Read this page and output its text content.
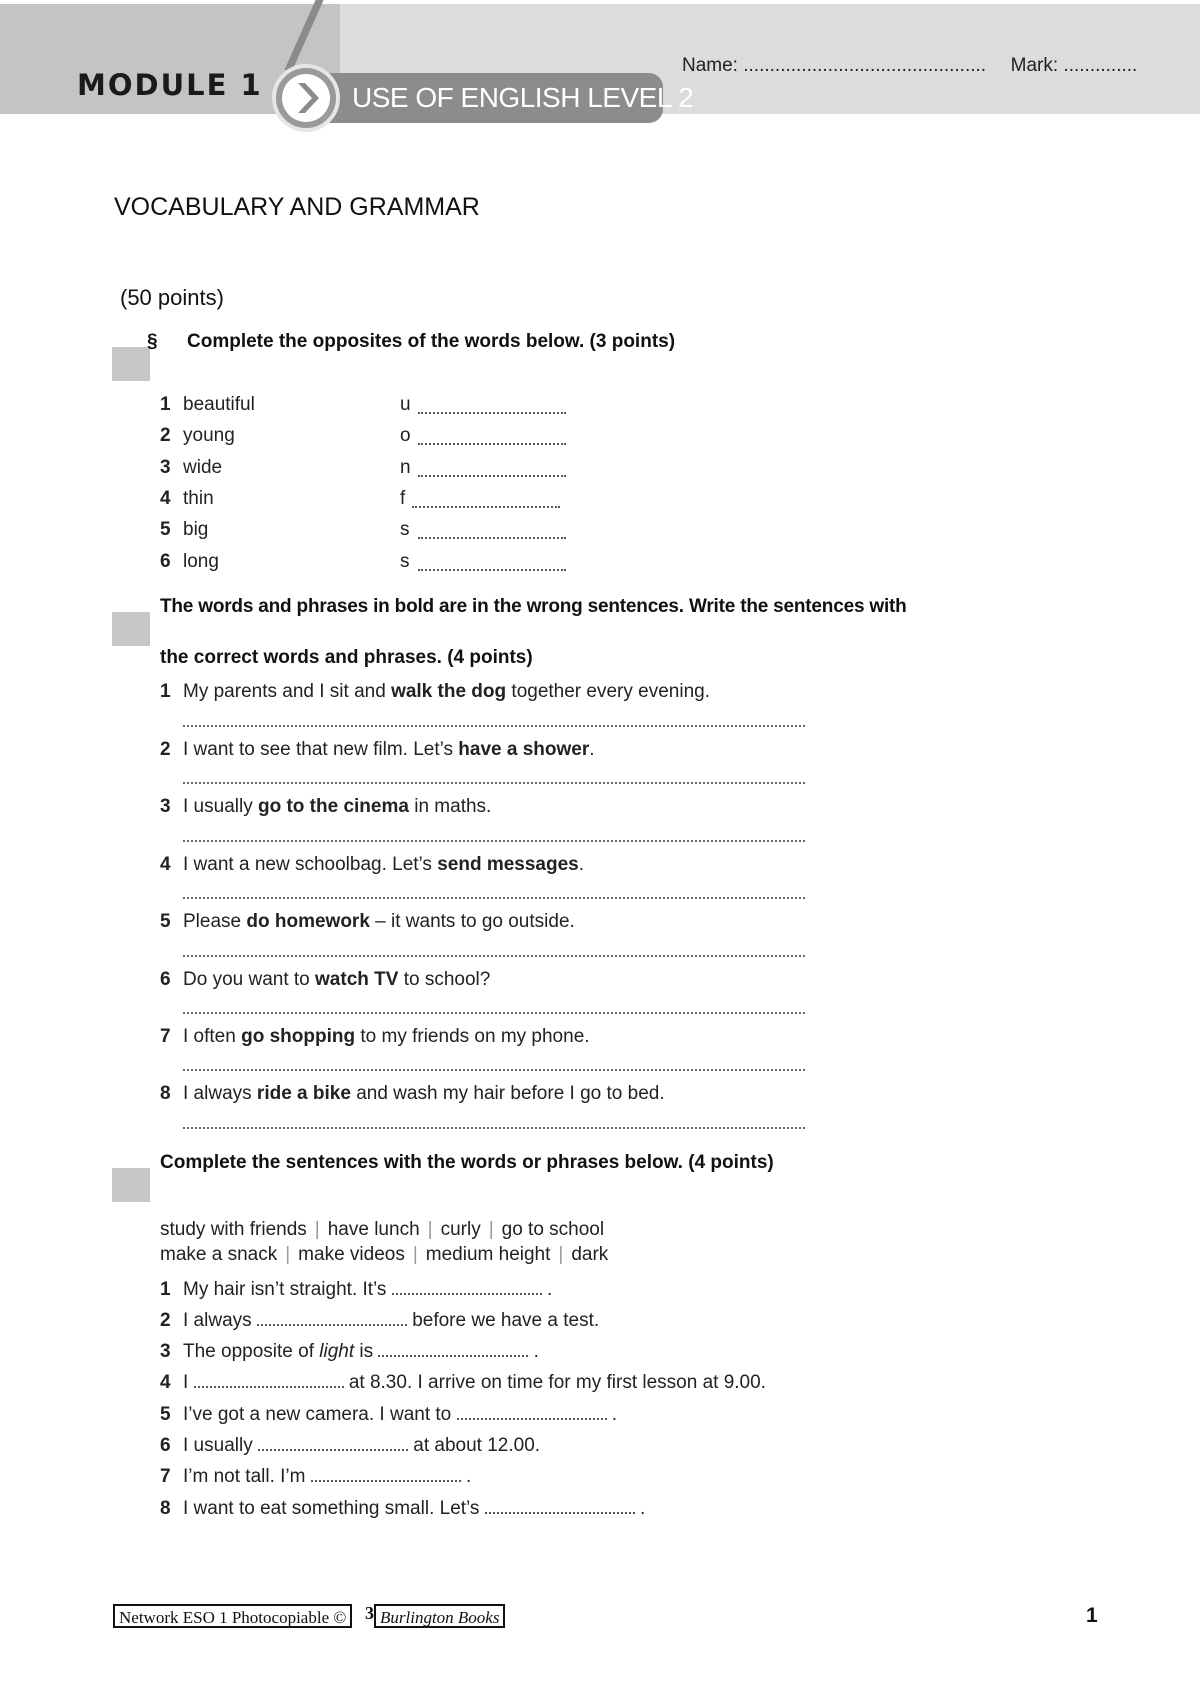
MODULE 1	USE OF ENGLISH LEVEL 2
Name: .............................................. Mark: ..............
VOCABULARY AND GRAMMAR
(50 points)
§ Complete the opposites of the words below. (3 points)
1 beautiful	u
2 young	o
3 wide	n
4 thin	f
5 big	s
6 long	s
The words and phrases in bold are in the wrong sentences. Write the sentences with
the correct words and phrases. (4 points)
1 My parents and I sit and walk the dog together every evening.
2 I want to see that new film. Let’s have a shower.
3 I usually go to the cinema in maths.
4 I want a new schoolbag. Let’s send messages.
5 Please do homework – it wants to go outside.
6 Do you want to watch TV to school?
7 I often go shopping to my friends on my phone.
8 I always ride a bike and wash my hair before I go to bed.
Complete the sentences with the words or phrases below. (4 points)
study with friends | have lunch | curly | go to school
make a snack | make videos | medium height | dark
1 My hair isn’t straight. It’s	.
2 I always	before we have a test.
3 The opposite of light is	.
4 I	at 8.30. I arrive on time for my first lesson at 9.00.
5 I’ve got a new camera. I want to	.
6 I usually	at about 12.00.
7 I’m not tall. I’m	.
8 I want to eat something small. Let’s	.
Network ESO 1 Photocopiable ©	3 Burlington Books	1
